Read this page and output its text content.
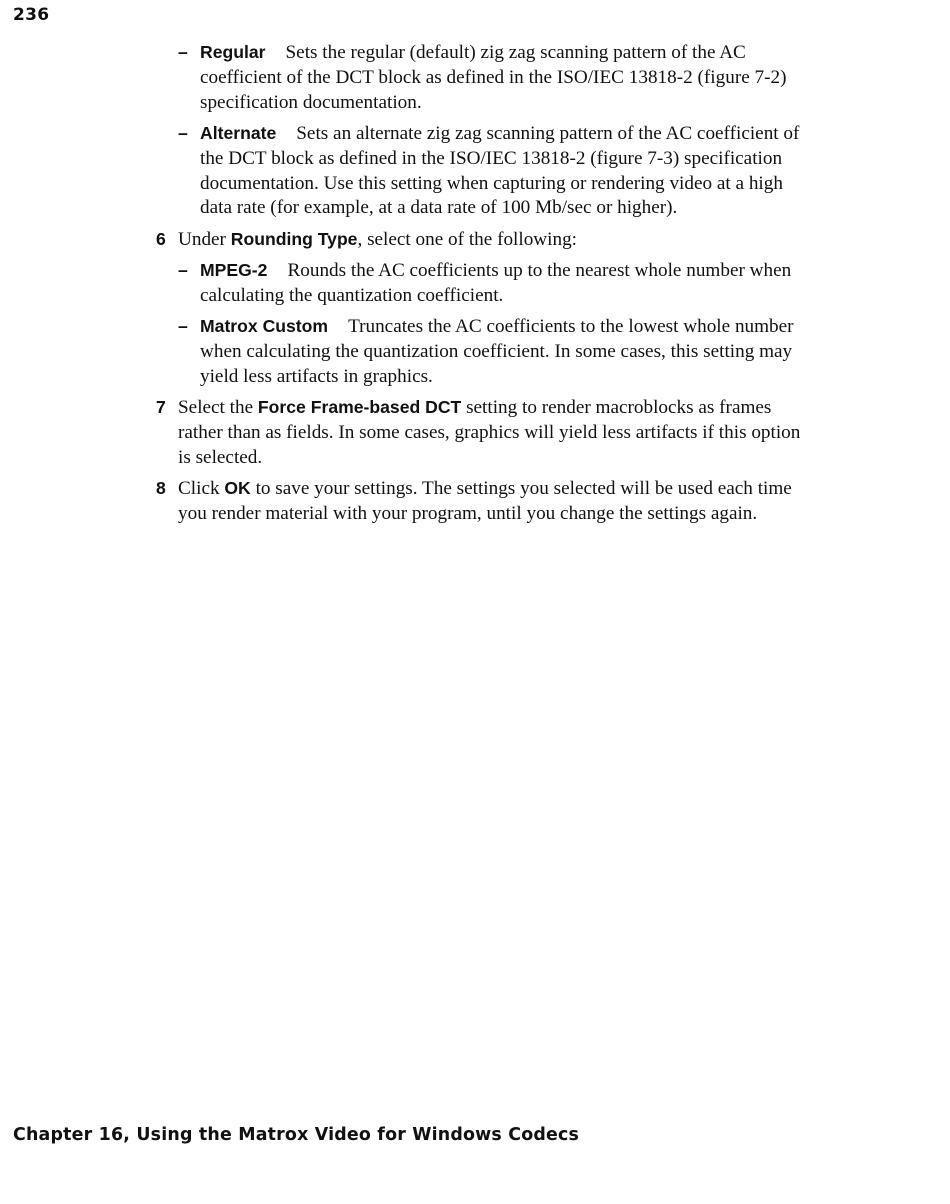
236

– Regular Sets the regular (default) zig zag scanning pattern of the AC coefficient of the DCT block as defined in the ISO/IEC 13818-2 (figure 7-2) specification documentation.
– Alternate Sets an alternate zig zag scanning pattern of the AC coefficient of the DCT block as defined in the ISO/IEC 13818-2 (figure 7-3) specification documentation. Use this setting when capturing or rendering video at a high data rate (for example, at a data rate of 100 Mb/sec or higher).
6 Under Rounding Type, select one of the following:
– MPEG-2 Rounds the AC coefficients up to the nearest whole number when calculating the quantization coefficient.
– Matrox Custom Truncates the AC coefficients to the lowest whole number when calculating the quantization coefficient. In some cases, this setting may yield less artifacts in graphics.
7 Select the Force Frame-based DCT setting to render macroblocks as frames rather than as fields. In some cases, graphics will yield less artifacts if this option is selected.
8 Click OK to save your settings. The settings you selected will be used each time you render material with your program, until you change the settings again.

Chapter 16, Using the Matrox Video for Windows Codecs
